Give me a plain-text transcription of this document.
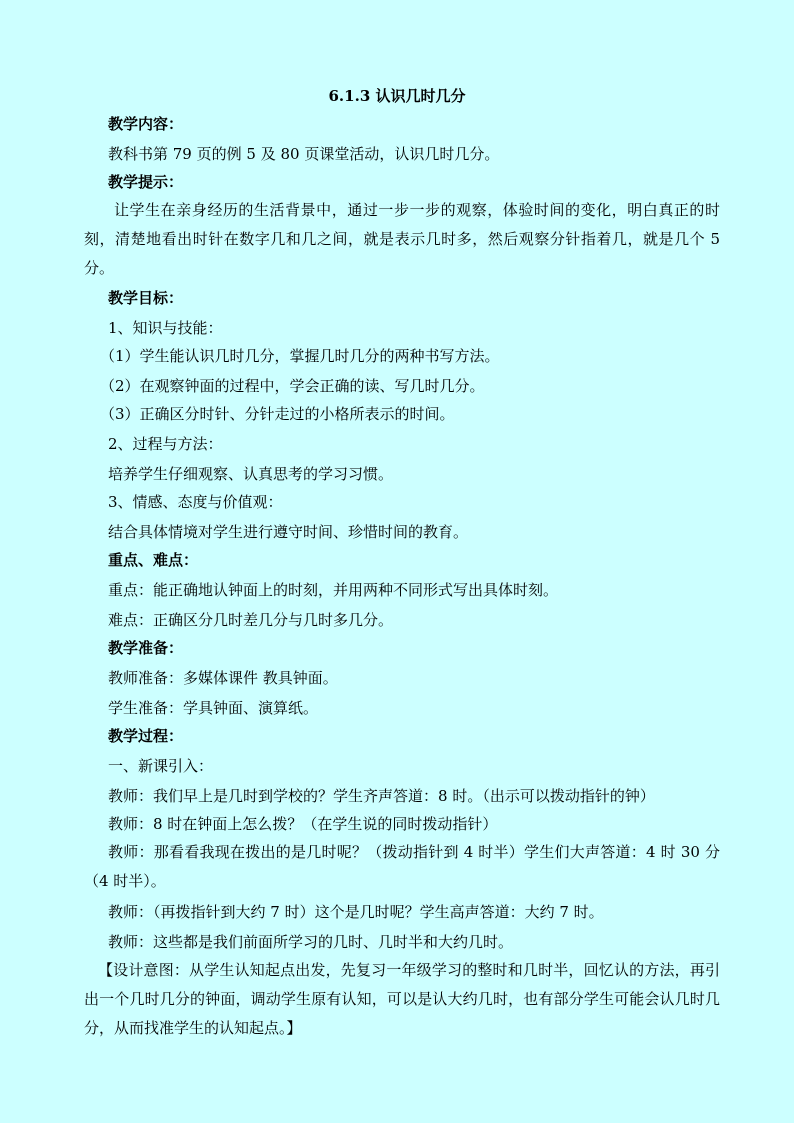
6.1.3 认识几时几分
教学内容：
教科书第 79 页的例 5 及 80 页课堂活动，认识几时几分。
教学提示：
让学生在亲身经历的生活背景中，通过一步一步的观察，体验时间的变化，明白真正的时刻，清楚地看出时针在数字几和几之间，就是表示几时多，然后观察分针指着几，就是几个 5 分。
教学目标：
1、知识与技能：
（1）学生能认识几时几分，掌握几时几分的两种书写方法。
（2）在观察钟面的过程中，学会正确的读、写几时几分。
（3）正确区分时针、分针走过的小格所表示的时间。
2、过程与方法：
培养学生仔细观察、认真思考的学习习惯。
3、情感、态度与价值观：
结合具体情境对学生进行遵守时间、珍惜时间的教育。
重点、难点：
重点：能正确地认钟面上的时刻，并用两种不同形式写出具体时刻。
难点：正确区分几时差几分与几时多几分。
教学准备：
教师准备：多媒体课件 教具钟面。
学生准备：学具钟面、演算纸。
教学过程：
一、新课引入：
教师：我们早上是几时到学校的？学生齐声答道：8 时。（出示可以拨动指针的钟）
教师：8 时在钟面上怎么拨？（在学生说的同时拨动指针）
教师：那看看我现在拨出的是几时呢？（拨动指针到 4 时半）学生们大声答道：4 时 30 分（4 时半）。
教师：（再拨指针到大约 7 时）这个是几时呢？学生高声答道：大约 7 时。
教师：这些都是我们前面所学习的几时、几时半和大约几时。
【设计意图：从学生认知起点出发，先复习一年级学习的整时和几时半，回忆认的方法，再引出一个几时几分的钟面，调动学生原有认知，可以是认大约几时，也有部分学生可能会认几时几分，从而找准学生的认知起点。】
